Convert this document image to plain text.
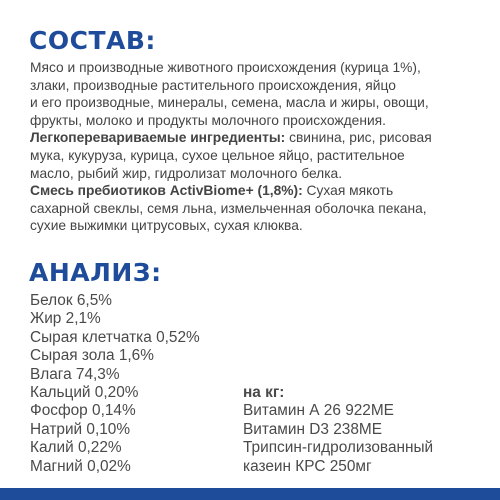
СОСТАВ:

Мясо и производные животного происхождения (курица 1%),

злаки, производные растительного происхождения, яйцо

и его производные, минералы, семена, масла и жиры, овощи,

фрукты, молоко и продукты молочного происхождения.

Легкоперевариваемые ингредиенты: свинина, рис, рисовая

мука, кукуруза, курица, сухое цельное яйцо, растительное

масло, рыбий жир, гидролизат молочного белка.

Смесь пребиотиков ActivBiome+ (1,8%): Сухая мякоть

сахарной свеклы, семя льна, измельченная оболочка пекана,

сухие выжимки цитрусовых, сухая клюква.

АНАЛИЗ:
Белок 6,5%
Жир 2,1%
Сырая клетчатка 0,52%
Сырая зола 1,6%
Влага 74,3%
Кальций 0,20%	на кг:
Фосфор 0,14%	Витамин А 26 922МЕ
Натрий 0,10%	Витамин D3 238МЕ
Калий 0,22%	Трипсин-гидролизованный
Магний 0,02%	казеин КРС 250мг
